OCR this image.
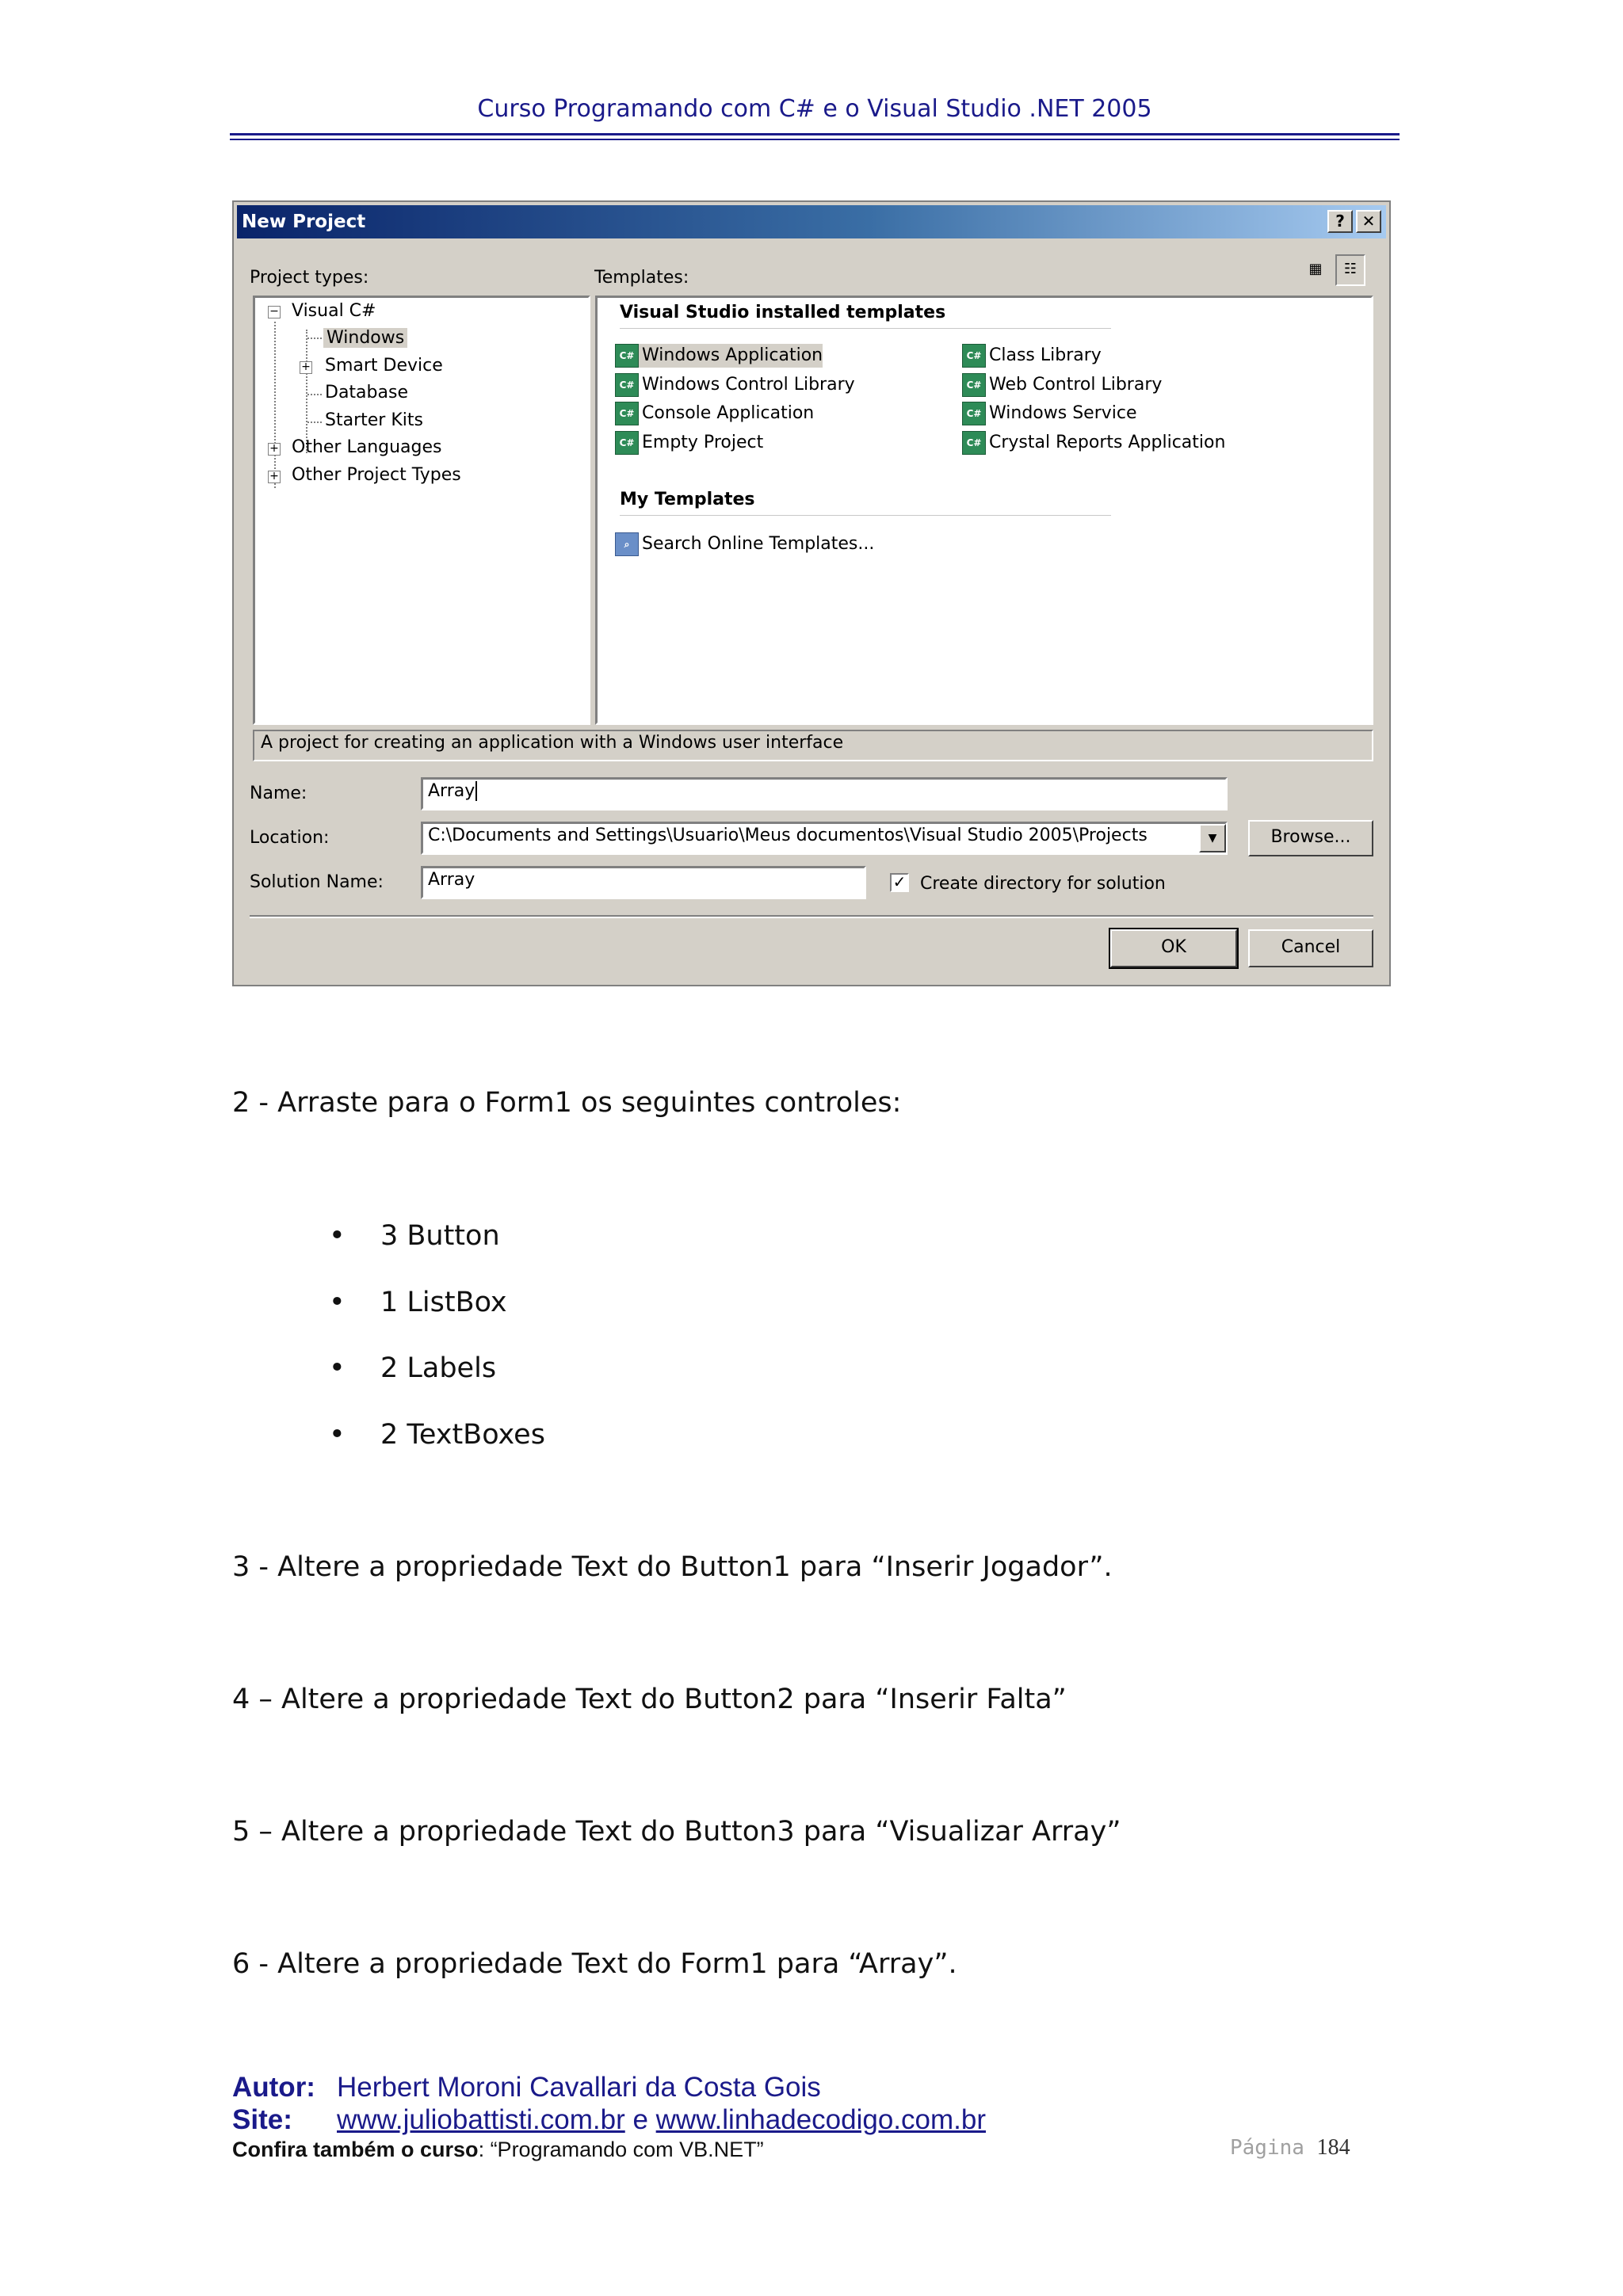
Curso Programando com C# e o Visual Studio .NET 2005
New Project	?	✕
Project types:	Templates:	▦	☷
− Visual C#
Windows
+ Smart Device
Database
Starter Kits
+ Other Languages
+ Other Project Types
Visual Studio installed templates
C# Windows Application
C# Windows Control Library
C# Console Application
C# Empty Project
C# Class Library
C# Web Control Library
C# Windows Service
C# Crystal Reports Application
My Templates
⌕ Search Online Templates...
A project for creating an application with a Windows user interface
Name:	Array
Location:	C:\Documents and Settings\Usuario\Meus documentos\Visual Studio 2005\Projects	▼	Browse...
Solution Name:	Array	✓ Create directory for solution
OK	Cancel
2 - Arraste para o Form1 os seguintes controles:
• 3 Button
• 1 ListBox
• 2 Labels
• 2 TextBoxes
3 - Altere a propriedade Text do Button1 para “Inserir Jogador”.
4 – Altere a propriedade Text do Button2 para “Inserir Falta”
5 – Altere a propriedade Text do Button3 para “Visualizar Array”
6 - Altere a propriedade Text do Form1 para “Array”.
Autor: Herbert Moroni Cavallari da Costa Gois
Site: www.juliobattisti.com.br e www.linhadecodigo.com.br
Confira também o curso: “Programando com VB.NET”	Página 184
